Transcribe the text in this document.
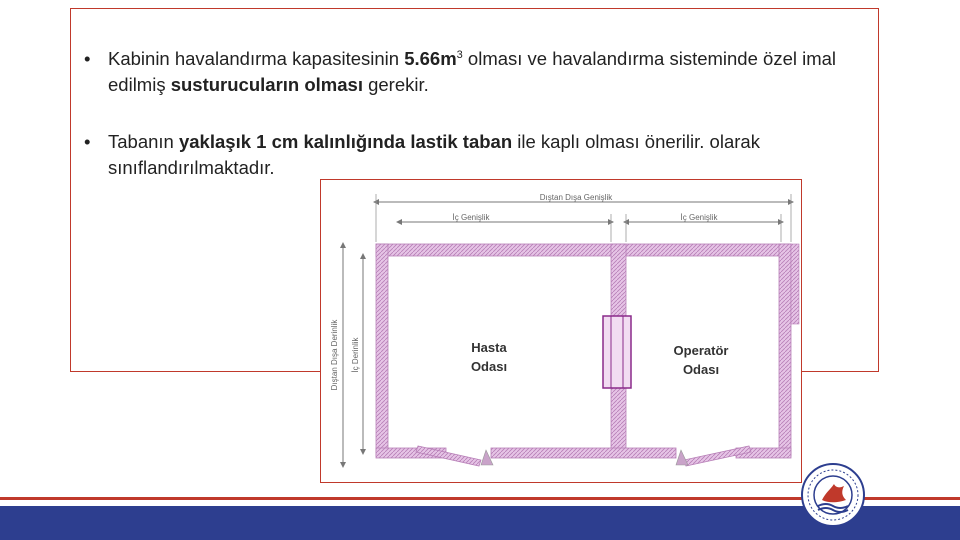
• Kabinin havalandırma kapasitesinin $5.66m^3$ olması ve havalandırma sisteminde özel imal edilmiş susturucuların olması gerekir.
• Tabanın yaklaşık 1 cm kalınlığında lastik taban ile kaplı olması önerilir. olarak sınıflandırılmaktadır.
Dıştan Dışa Genişlik
İç Genişlik	İç Genişlik
Dıştan Dışa Derinlik İç Derinlik	Hasta
Odası
Operatör
Odası
